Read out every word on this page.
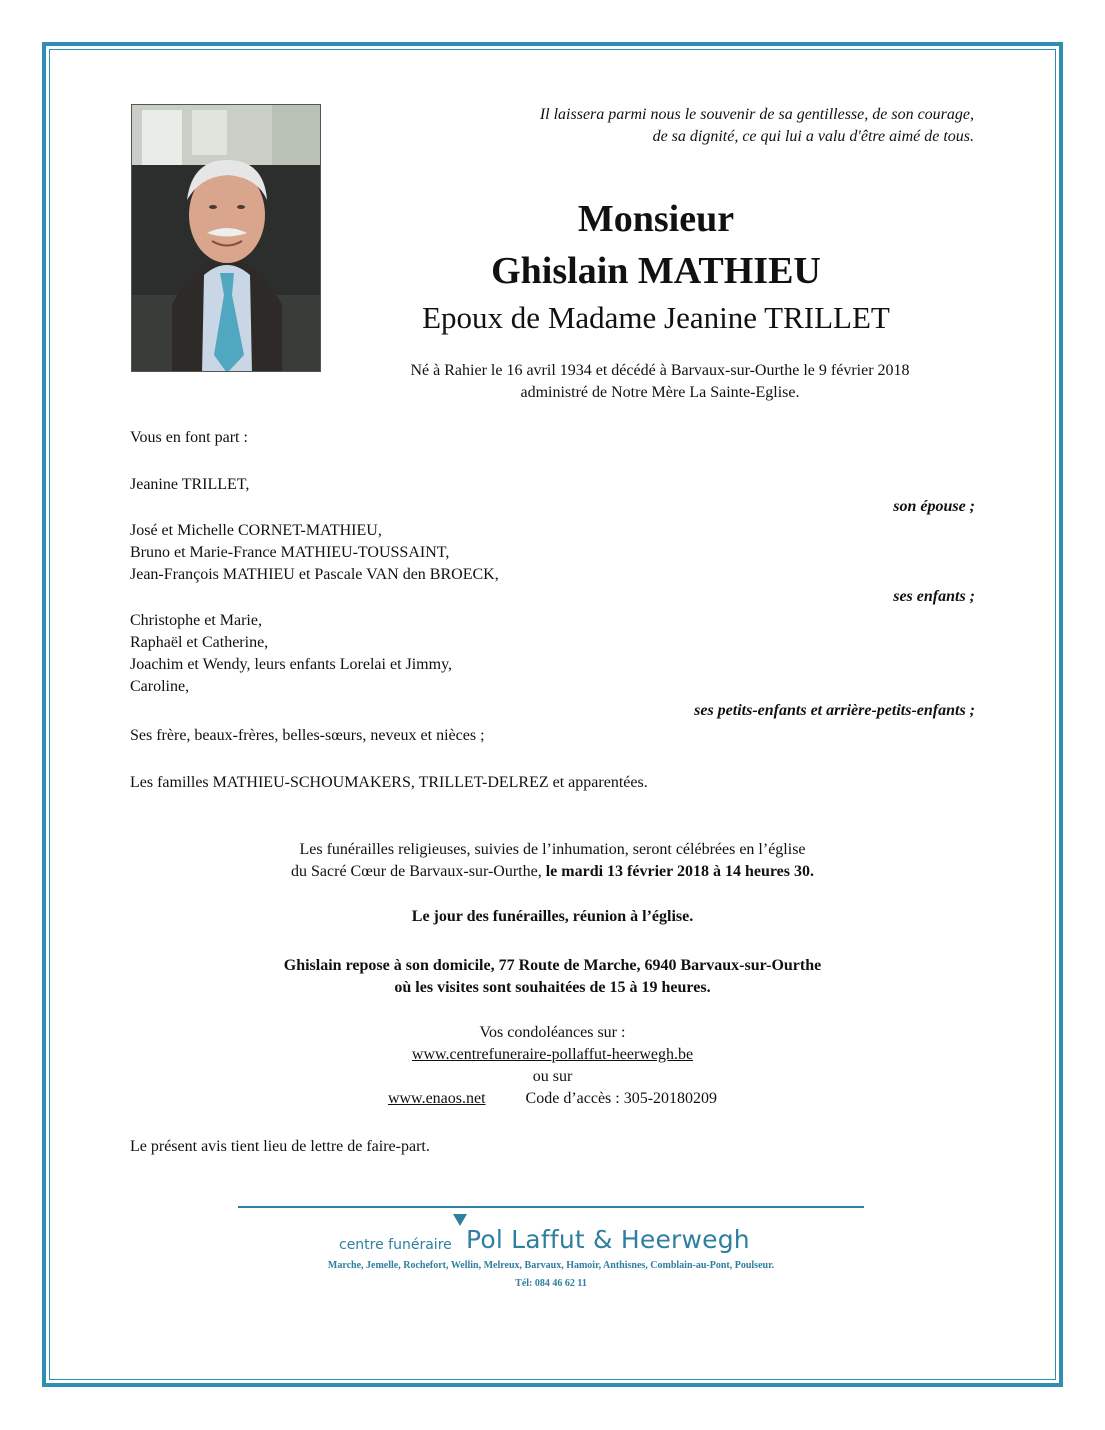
Il laissera parmi nous le souvenir de sa gentillesse, de son courage,
de sa dignité, ce qui lui a valu d'être aimé de tous.
Monsieur
Ghislain MATHIEU
Epoux de Madame Jeanine TRILLET
Né à Rahier le 16 avril 1934 et décédé à Barvaux-sur-Ourthe le 9 février 2018
administré de Notre Mère La Sainte-Eglise.
Vous en font part :
Jeanine TRILLET,
son épouse ;
José et Michelle CORNET-MATHIEU,
Bruno et Marie-France MATHIEU-TOUSSAINT,
Jean-François MATHIEU et Pascale VAN den BROECK,
ses enfants ;
Christophe et Marie,
Raphaël et Catherine,
Joachim et Wendy, leurs enfants Lorelai et Jimmy,
Caroline,
ses petits-enfants et arrière-petits-enfants ;
Ses frère, beaux-frères, belles-sœurs, neveux et nièces ;
Les familles MATHIEU-SCHOUMAKERS, TRILLET-DELREZ et apparentées.
Les funérailles religieuses, suivies de l’inhumation, seront célébrées en l’église
du Sacré Cœur de Barvaux-sur-Ourthe, le mardi 13 février 2018 à 14 heures 30.
Le jour des funérailles, réunion à l’église.
Ghislain repose à son domicile, 77 Route de Marche, 6940 Barvaux-sur-Ourthe
où les visites sont souhaitées de 15 à 19 heures.
Vos condoléances sur :
www.centrefuneraire-pollaffut-heerwegh.be
ou sur
www.enaos.net	Code d’accès : 305-20180209
Le présent avis tient lieu de lettre de faire-part.
centre funéraire Pol Laffut & Heerwegh
Marche, Jemelle, Rochefort, Wellin, Melreux, Barvaux, Hamoir, Anthisnes, Comblain-au-Pont, Poulseur.
Tél: 084 46 62 11
